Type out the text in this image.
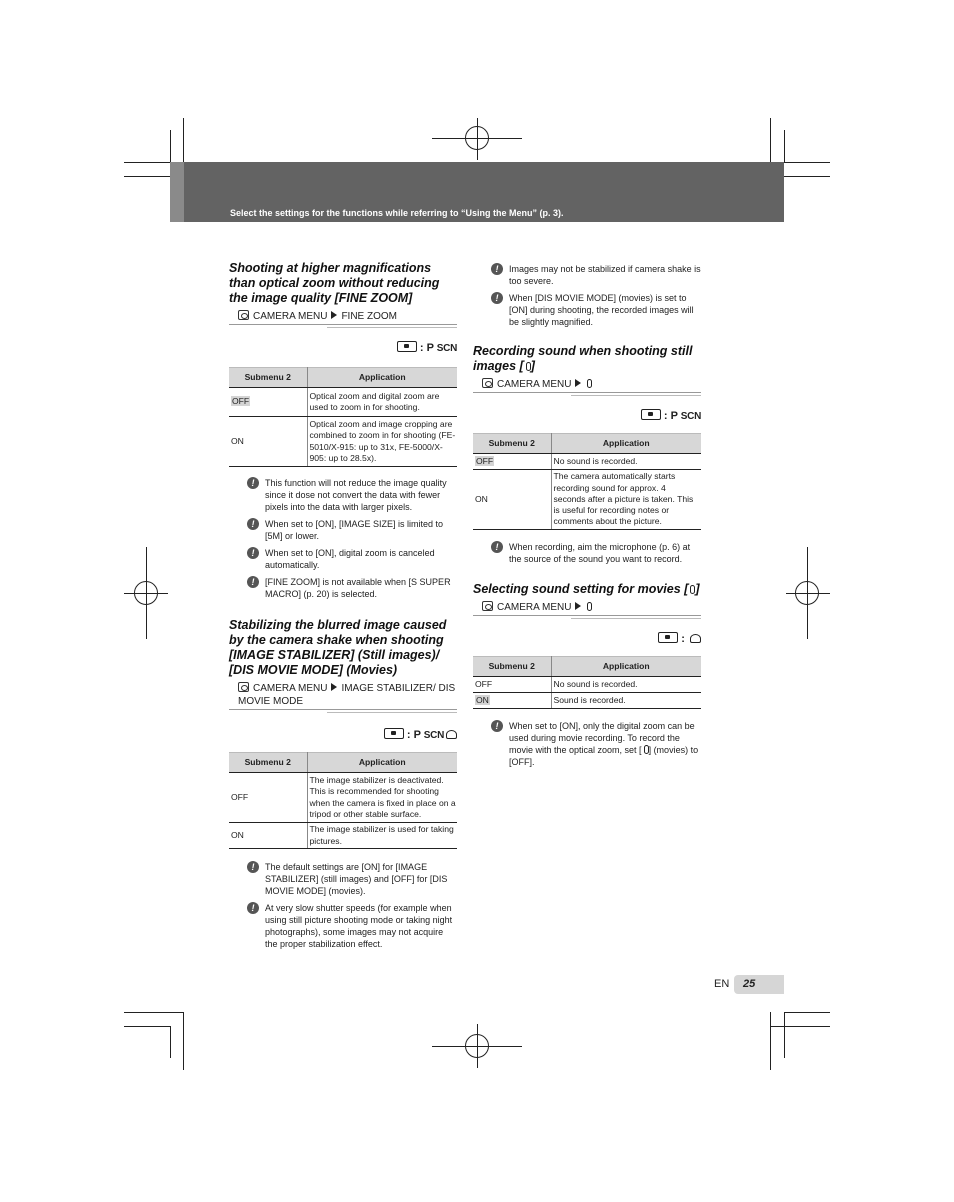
Select the settings for the functions while referring to “Using the Menu” (p. 3).
Shooting at higher magnifications than optical zoom without reducing the image quality [FINE ZOOM]
CAMERA MENU FINE ZOOM
: P SCN
Submenu 2	Application
OFF	Optical zoom and digital zoom are used to zoom in for shooting.
ON	Optical zoom and image cropping are combined to zoom in for shooting (FE-5010/X-915: up to 31x, FE-5000/X-905: up to 28.5x).
!	This function will not reduce the image quality since it dose not convert the data with fewer pixels into the data with larger pixels.
!	When set to [ON], [IMAGE SIZE] is limited to [5M] or lower.
!	When set to [ON], digital zoom is canceled automatically.
!	[FINE ZOOM] is not available when [S SUPER MACRO] (p. 20) is selected.
Stabilizing the blurred image caused by the camera shake when shooting [IMAGE STABILIZER] (Still images)/ [DIS MOVIE MODE] (Movies)
CAMERA MENU IMAGE STABILIZER/ DIS MOVIE MODE
: P SCN
Submenu 2	Application
OFF	The image stabilizer is deactivated. This is recommended for shooting when the camera is fixed in place on a tripod or other stable surface.
ON	The image stabilizer is used for taking pictures.
!	The default settings are [ON] for [IMAGE STABILIZER] (still images) and [OFF] for [DIS MOVIE MODE] (movies).
!	At very slow shutter speeds (for example when using still picture shooting mode or taking night photographs), some images may not acquire the proper stabilization effect.
!	Images may not be stabilized if camera shake is too severe.
!	When [DIS MOVIE MODE] (movies) is set to [ON] during shooting, the recorded images will be slightly magnified.
Recording sound when shooting still images [ ]
CAMERA MENU
: P SCN
Submenu 2	Application
OFF	No sound is recorded.
ON	The camera automatically starts recording sound for approx. 4 seconds after a picture is taken. This is useful for recording notes or comments about the picture.
!	When recording, aim the microphone (p. 6) at the source of the sound you want to record.
Selecting sound setting for movies [ ]
CAMERA MENU
:
Submenu 2	Application
OFF	No sound is recorded.
ON	Sound is recorded.
!	When set to [ON], only the digital zoom can be used during movie recording. To record the movie with the optical zoom, set [ ] (movies) to [OFF].
EN 25
